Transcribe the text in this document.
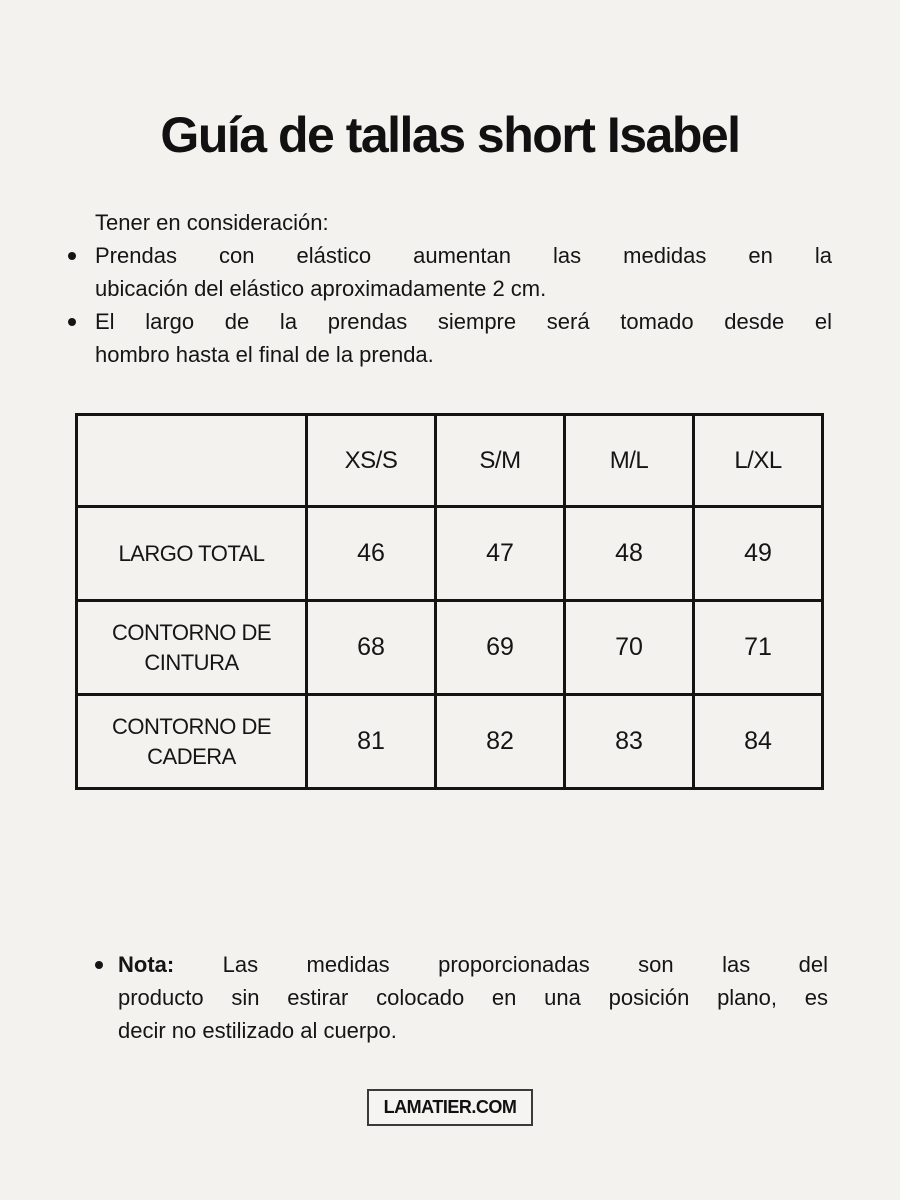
Guía de tallas short Isabel
Tener en consideración:
Prendas con elástico aumentan las medidas en la
ubicación del elástico aproximadamente 2 cm.
El largo de la prendas siempre será tomado desde el
hombro hasta el final de la prenda.
	XS/S	S/M	M/L	L/XL
LARGO TOTAL	46	47	48	49
CONTORNO DE CINTURA	68	69	70	71
CONTORNO DE CADERA	81	82	83	84
Nota: Las medidas proporcionadas son las del
producto sin estirar colocado en una posición plano, es
decir no estilizado al cuerpo.
LAMATIER.COM
